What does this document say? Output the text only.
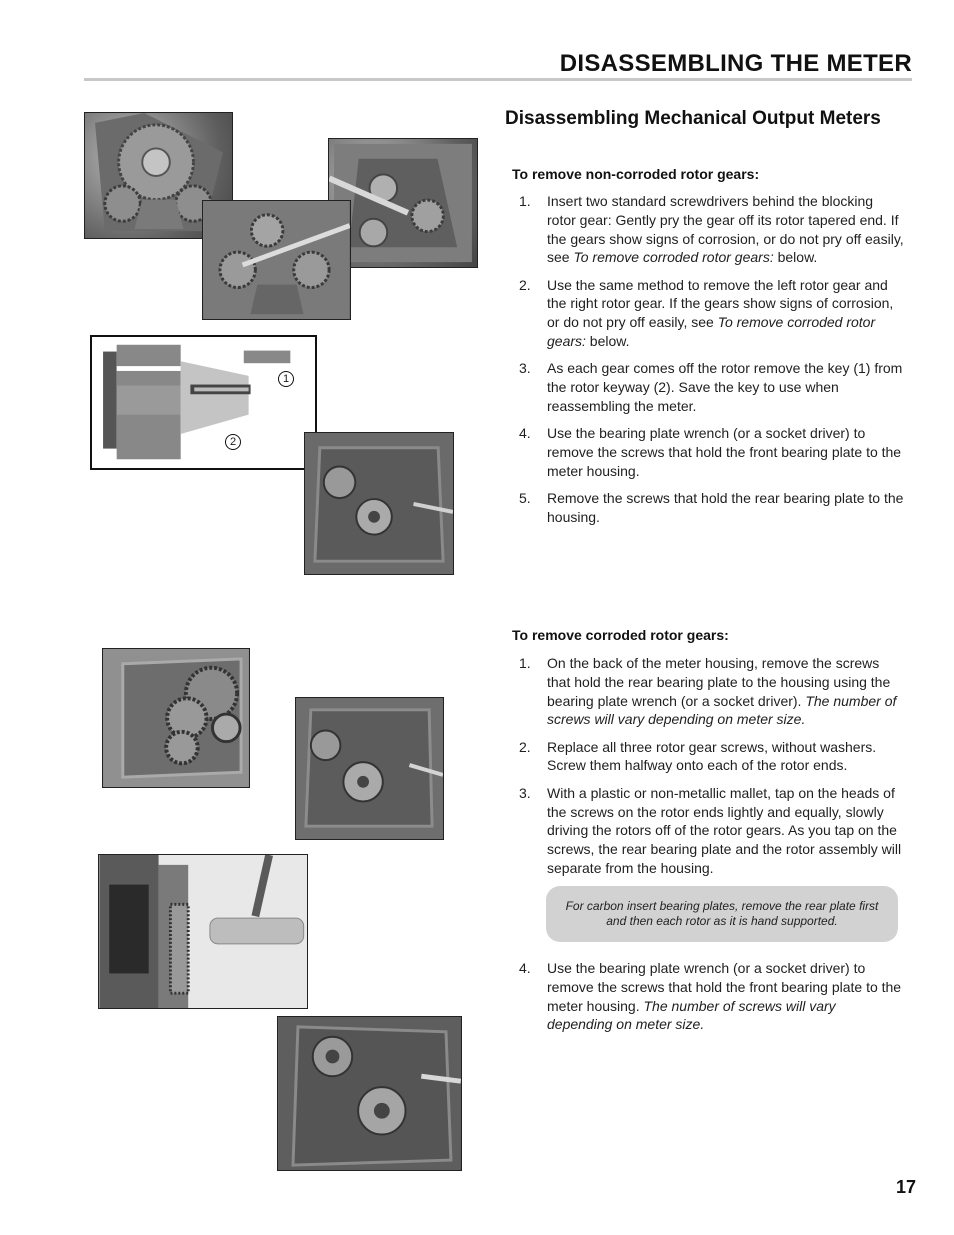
DISASSEMBLING THE METER
1
2
Disassembling Mechanical Output Meters
To remove non-corroded rotor gears:
1. Insert two standard screwdrivers behind the blocking rotor gear: Gently pry the gear off its rotor tapered end. If the gears show signs of corrosion, or do not pry off easily, see To remove corroded rotor gears: below.
2. Use the same method to remove the left rotor gear and the right rotor gear. If the gears show signs of corrosion, or do not pry off easily, see To remove corroded rotor gears: below.
3. As each gear comes off the rotor remove the key (1) from the rotor keyway (2). Save the key to use when reassembling the meter.
4. Use the bearing plate wrench (or a socket driver) to remove the screws that hold the front bearing plate to the meter housing.
5. Remove the screws that hold the rear bearing plate to the housing.
To remove corroded rotor gears:
1. On the back of the meter housing, remove the screws that hold the rear bearing plate to the housing using the bearing plate wrench (or a socket driver). The number of screws will vary depending on meter size.
2. Replace all three rotor gear screws, without washers. Screw them halfway onto each of the rotor ends.
3. With a plastic or non-metallic mallet, tap on the heads of the screws on the rotor ends lightly and equally, slowly driving the rotors off of the rotor gears. As you tap on the screws, the rear bearing plate and the rotor assembly will separate from the housing.
For carbon insert bearing plates, remove the rear plate first and then each rotor as it is hand supported.
4. Use the bearing plate wrench (or a socket driver) to remove the screws that hold the front bearing plate to the meter housing. The number of screws will vary depending on meter size.
17
